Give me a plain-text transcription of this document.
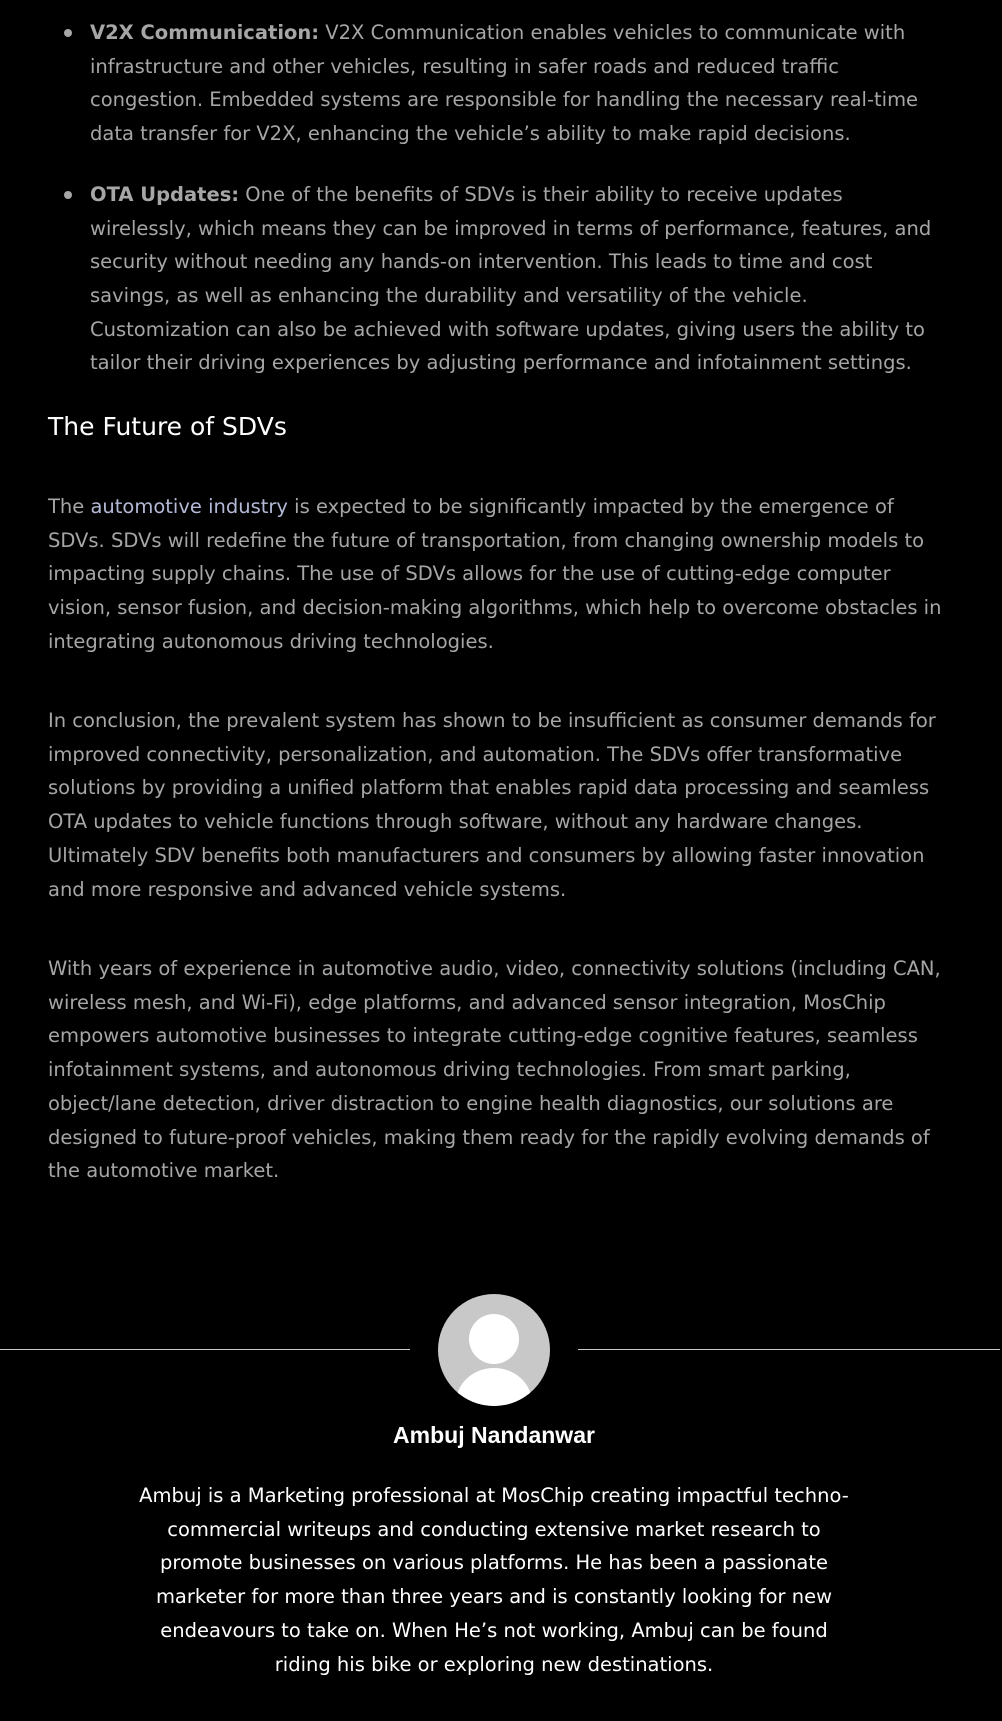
V2X Communication: V2X Communication enables vehicles to communicate with infrastructure and other vehicles, resulting in safer roads and reduced traffic congestion. Embedded systems are responsible for handling the necessary real-time data transfer for V2X, enhancing the vehicle’s ability to make rapid decisions.
OTA Updates: One of the benefits of SDVs is their ability to receive updates wirelessly, which means they can be improved in terms of performance, features, and security without needing any hands-on intervention. This leads to time and cost savings, as well as enhancing the durability and versatility of the vehicle. Customization can also be achieved with software updates, giving users the ability to tailor their driving experiences by adjusting performance and infotainment settings.
The Future of SDVs

The automotive industry is expected to be significantly impacted by the emergence of SDVs. SDVs will redefine the future of transportation, from changing ownership models to impacting supply chains. The use of SDVs allows for the use of cutting-edge computer vision, sensor fusion, and decision-making algorithms, which help to overcome obstacles in integrating autonomous driving technologies.

In conclusion, the prevalent system has shown to be insufficient as consumer demands for improved connectivity, personalization, and automation. The SDVs offer transformative solutions by providing a unified platform that enables rapid data processing and seamless OTA updates to vehicle functions through software, without any hardware changes. Ultimately SDV benefits both manufacturers and consumers by allowing faster innovation and more responsive and advanced vehicle systems.

With years of experience in automotive audio, video, connectivity solutions (including CAN, wireless mesh, and Wi-Fi), edge platforms, and advanced sensor integration, MosChip empowers automotive businesses to integrate cutting-edge cognitive features, seamless infotainment systems, and autonomous driving technologies. From smart parking, object/lane detection, driver distraction to engine health diagnostics, our solutions are designed to future-proof vehicles, making them ready for the rapidly evolving demands of the automotive market.

Ambuj Nandanwar

Ambuj is a Marketing professional at MosChip creating impactful techno-commercial writeups and conducting extensive market research to promote businesses on various platforms. He has been a passionate marketer for more than three years and is constantly looking for new endeavours to take on. When He’s not working, Ambuj can be found riding his bike or exploring new destinations.
